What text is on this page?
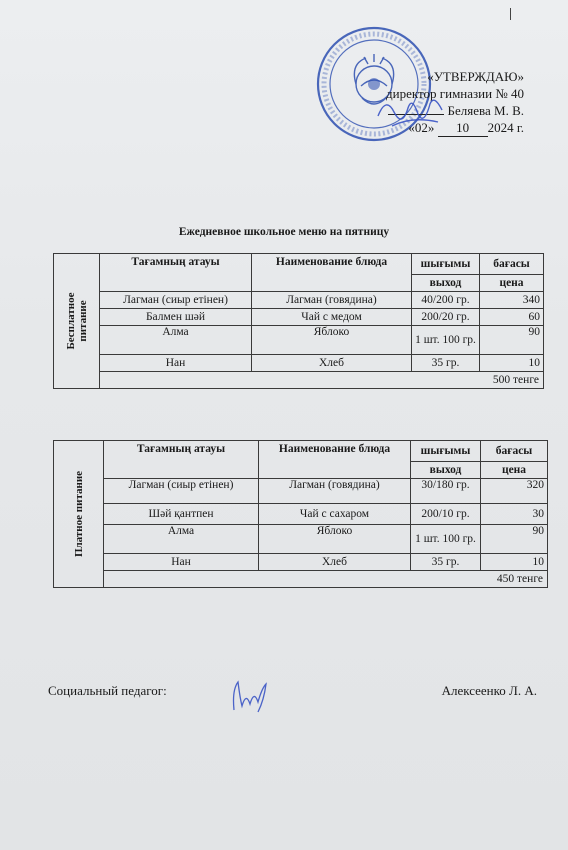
«УТВЕРЖДАЮ»
директор гимназии № 40
Беляева М. В.
«02» 10 2024 г.
Ежедневное школьное меню на пятницу
Бесплатное питание	Тағамның атауы	Наименование блюда	шығымы	бағасы
			выход	цена
	Лагман (сиыр етінен)	Лагман (говядина)	40/200 гр.	340
	Балмен шәй	Чай с медом	200/20 гр.	60
	Алма	Яблоко	1 шт. 100 гр.	90
	Нан	Хлеб	35 гр.	10
	500 тенге			
Платное питание	Тағамның атауы	Наименование блюда	шығымы	бағасы
			выход	цена
	Лагман (сиыр етінен)	Лагман (говядина)	30/180 гр.	320
	Шәй қантпен	Чай с сахаром	200/10 гр.	30
	Алма	Яблоко	1 шт. 100 гр.	90
	Нан	Хлеб	35 гр.	10
	450 тенге			
Социальный педагог:	Алексеенко Л. А.
